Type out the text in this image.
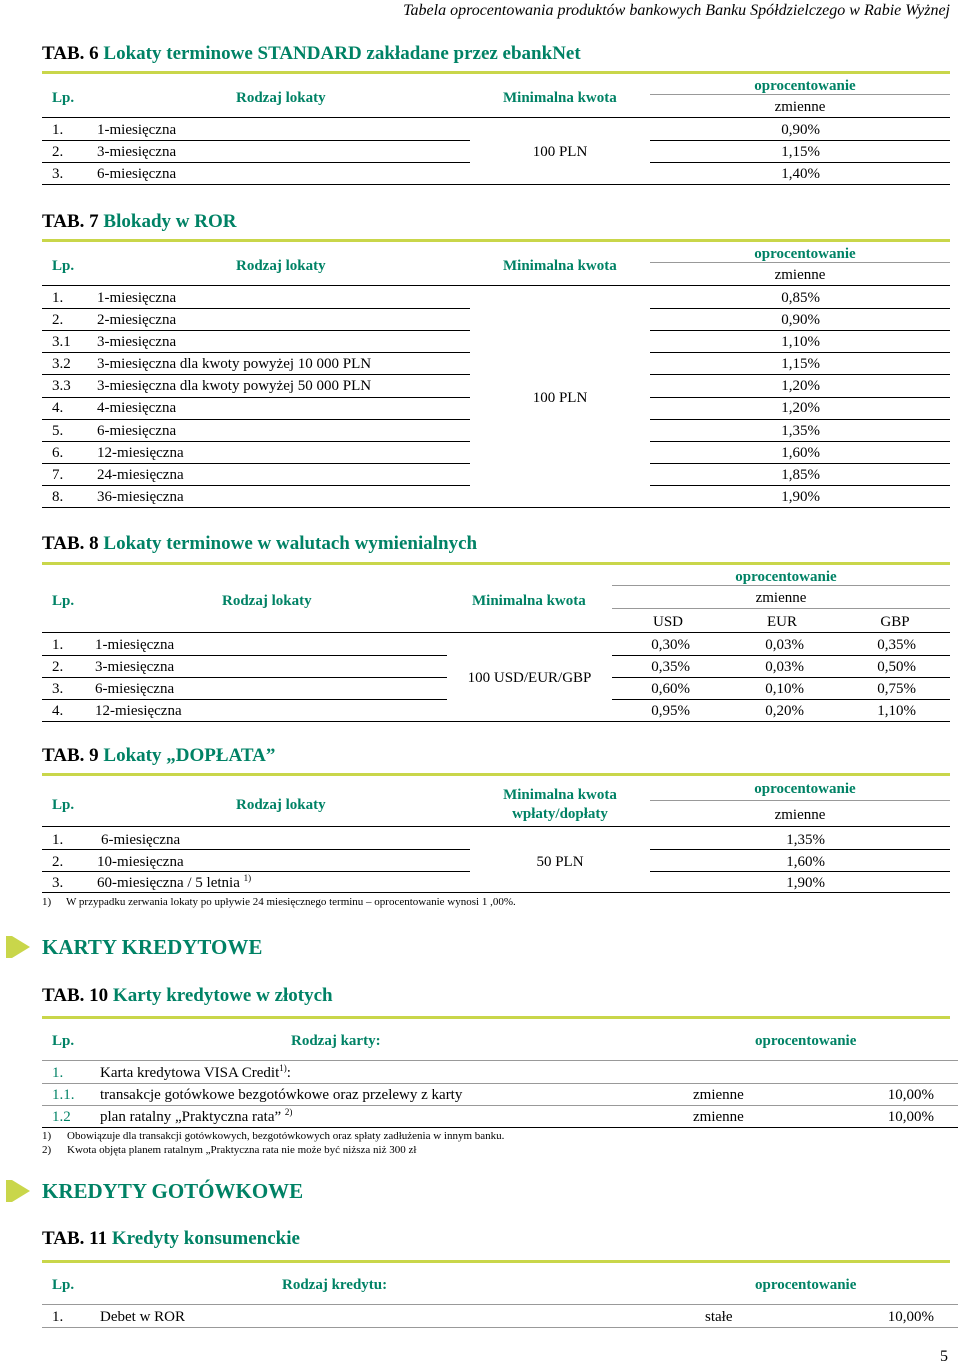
Tabela oprocentowania produktów bankowych Banku Spółdzielczego w Rabie Wyżnej
TAB. 6 Lokaty terminowe STANDARD zakładane przez ebankNet
Lp.	Rodzaj lokaty	Minimalna kwota
oprocentowanie
zmienne
1. 1-miesięczna	0,90%
2. 3-miesięczna	1,15%
100 PLN
3. 6-miesięczna	1,40%
TAB. 7 Blokady w ROR
Lp.	Rodzaj lokaty	Minimalna kwota
oprocentowanie
zmienne
1. 1-miesięczna	0,85%
2. 2-miesięczna	0,90%
3.1 3-miesięczna	1,10%
3.2 3-miesięczna dla kwoty powyżej 10 000 PLN	1,15%
3.3 3-miesięczna dla kwoty powyżej 50 000 PLN	1,20%
100 PLN
4. 4-miesięczna	1,20%
5. 6-miesięczna	1,35%
6. 12-miesięczna	1,60%
7. 24-miesięczna	1,85%
8. 36-miesięczna	1,90%
TAB. 8 Lokaty terminowe w walutach wymienialnych
Lp.	Rodzaj lokaty	Minimalna kwota
oprocentowanie
zmienne
USD	EUR	GBP
1. 1-miesięczna	0,30%	0,03%	0,35%
2. 3-miesięczna	0,35%	0,03%	0,50%
100 USD/EUR/GBP
3. 6-miesięczna	0,60%	0,10%	0,75%
4. 12-miesięczna	0,95%	0,20%	1,10%
TAB. 9 Lokaty „DOPŁATA”
Lp.	Rodzaj lokaty
Minimalna kwota
wpłaty/dopłaty
oprocentowanie
zmienne
1.	6-miesięczna	1,35%
2. 10-miesięczna	1,60%
50 PLN
3. 60-miesięczna / 5 letnia $^{1)}$	1,90%
1) W przypadku zerwania lokaty po upływie 24 miesięcznego terminu – oprocentowanie wynosi 1 ,00%.
KARTY KREDYTOWE
TAB. 10 Karty kredytowe w złotych
Lp.	Rodzaj karty:	oprocentowanie
1. Karta kredytowa VISA Credit$^{1)}$:
1.1. transakcje gotówkowe bezgotówkowe oraz przelewy z karty	zmienne	10,00%
1.2 plan ratalny „Praktyczna rata” $^{2)}$	zmienne	10,00%
1) Obowiązuje dla transakcji gotówkowych, bezgotówkowych oraz spłaty zadłużenia w innym banku.
2) Kwota objęta planem ratalnym „Praktyczna rata nie może być niższa niż 300 zł
KREDYTY GOTÓWKOWE
TAB. 11 Kredyty konsumenckie
Lp.	Rodzaj kredytu:	oprocentowanie
1. Debet w ROR	stałe	10,00%
5
